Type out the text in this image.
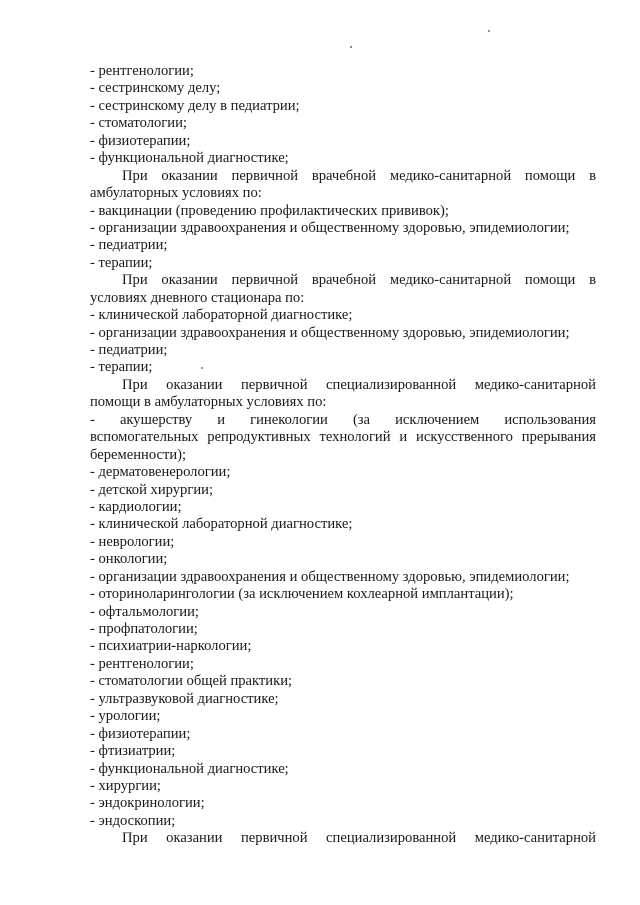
- рентгенологии;
- сестринскому делу;
- сестринскому делу в педиатрии;
- стоматологии;
- физиотерапии;
- функциональной диагностике;
При оказании первичной врачебной медико-санитарной помощи в
амбулаторных условиях по:
- вакцинации (проведению профилактических прививок);
- организации здравоохранения и общественному здоровью, эпидемиологии;
- педиатрии;
- терапии;
При оказании первичной врачебной медико-санитарной помощи в
условиях дневного стационара по:
- клинической лабораторной диагностике;
- организации здравоохранения и общественному здоровью, эпидемиологии;
- педиатрии;
- терапии;
При оказании первичной специализированной медико-санитарной
помощи в амбулаторных условиях по:
- акушерству и гинекологии (за исключением использования
вспомогательных репродуктивных технологий и искусственного прерывания
беременности);
- дерматовенерологии;
- детской хирургии;
- кардиологии;
- клинической лабораторной диагностике;
- неврологии;
- онкологии;
- организации здравоохранения и общественному здоровью, эпидемиологии;
- оториноларингологии (за исключением кохлеарной имплантации);
- офтальмологии;
- профпатологии;
- психиатрии-наркологии;
- рентгенологии;
- стоматологии общей практики;
- ультразвуковой диагностике;
- урологии;
- физиотерапии;
- фтизиатрии;
- функциональной диагностике;
- хирургии;
- эндокринологии;
- эндоскопии;
При оказании первичной специализированной медико-санитарной
